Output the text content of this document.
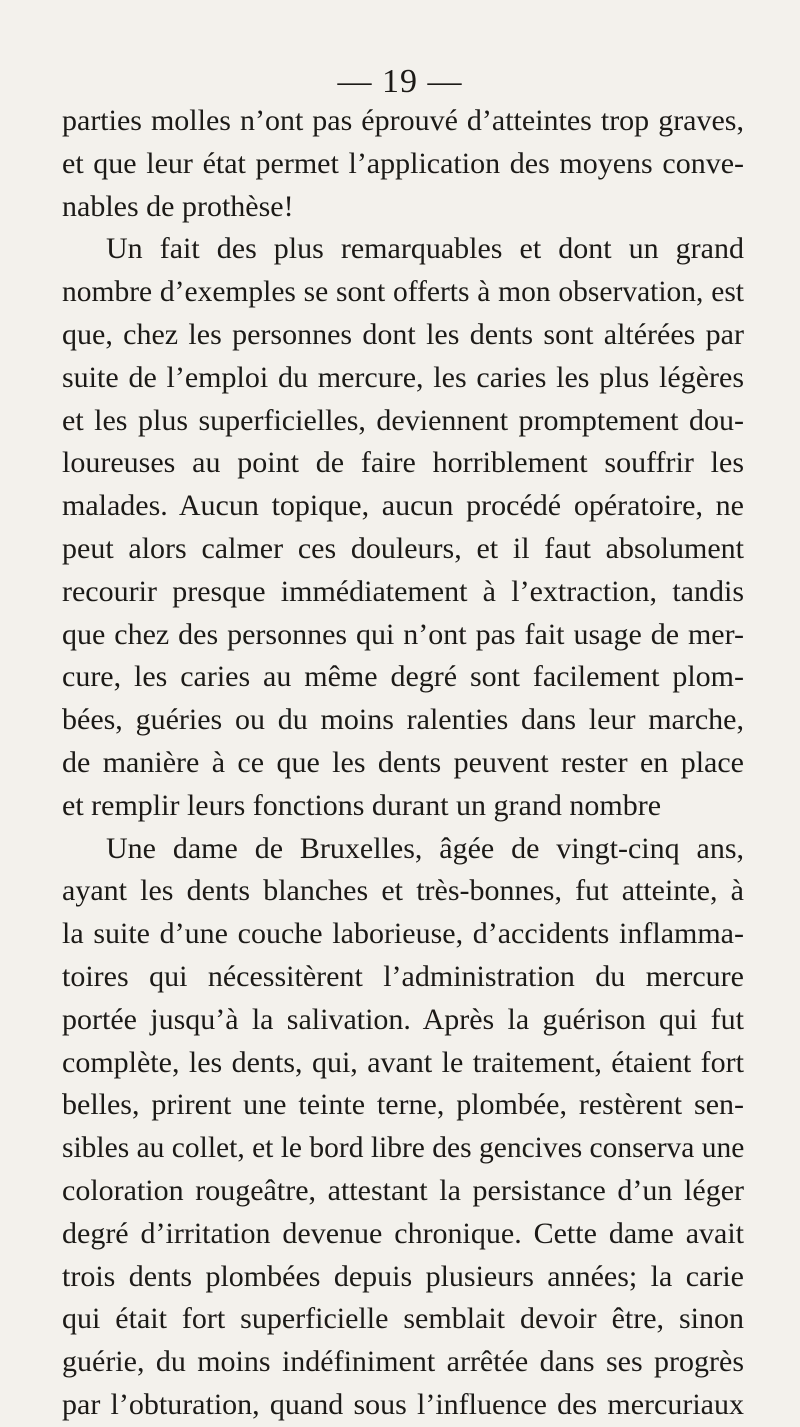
— 19 —
parties molles n’ont pas éprouvé d’atteintes trop graves,
et que leur état permet l’application des moyens conve-
nables de prothèse!
Un fait des plus remarquables et dont un grand
nombre d’exemples se sont offerts à mon observation, est
que, chez les personnes dont les dents sont altérées par
suite de l’emploi du mercure, les caries les plus légères
et les plus superficielles, deviennent promptement dou-
loureuses au point de faire horriblement souffrir les
malades. Aucun topique, aucun procédé opératoire, ne
peut alors calmer ces douleurs, et il faut absolument
recourir presque immédiatement à l’extraction, tandis
que chez des personnes qui n’ont pas fait usage de mer-
cure, les caries au même degré sont facilement plom-
bées, guéries ou du moins ralenties dans leur marche,
de manière à ce que les dents peuvent rester en place
et remplir leurs fonctions durant un grand nombre
Une dame de Bruxelles, âgée de vingt-cinq ans,
ayant les dents blanches et très-bonnes, fut atteinte, à
la suite d’une couche laborieuse, d’accidents inflamma-
toires qui nécessitèrent l’administration du mercure
portée jusqu’à la salivation. Après la guérison qui fut
complète, les dents, qui, avant le traitement, étaient fort
belles, prirent une teinte terne, plombée, restèrent sen-
sibles au collet, et le bord libre des gencives conserva une
coloration rougeâtre, attestant la persistance d’un léger
degré d’irritation devenue chronique. Cette dame avait
trois dents plombées depuis plusieurs années; la carie
qui était fort superficielle semblait devoir être, sinon
guérie, du moins indéfiniment arrêtée dans ses progrès
par l’obturation, quand sous l’influence des mercuriaux
